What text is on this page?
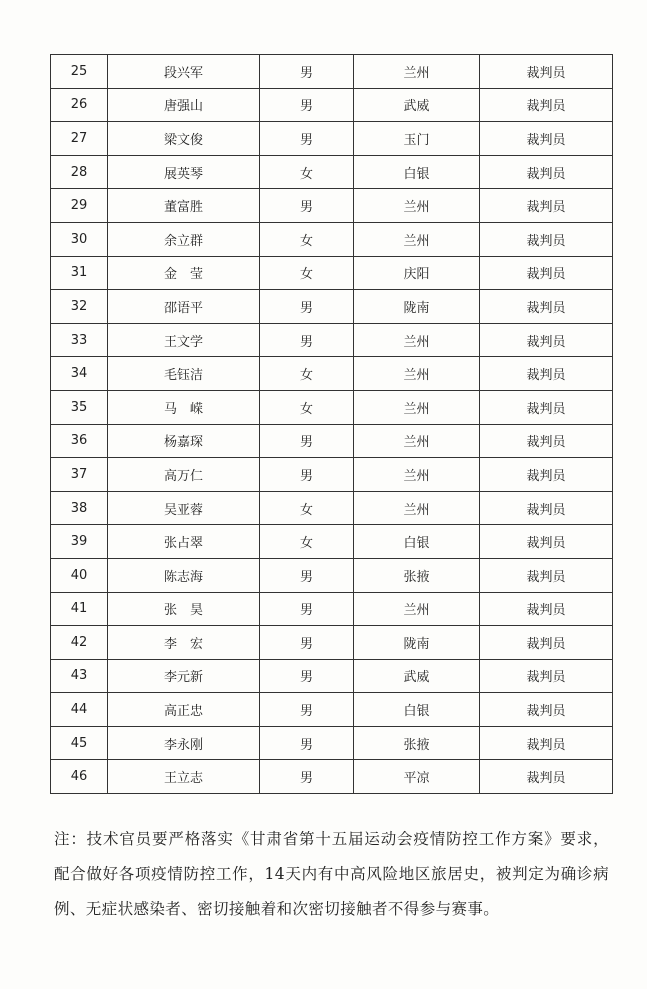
25	段兴军	男	兰州	裁判员
26	唐强山	男	武威	裁判员
27	梁文俊	男	玉门	裁判员
28	展英琴	女	白银	裁判员
29	董富胜	男	兰州	裁判员
30	余立群	女	兰州	裁判员
31	金　莹	女	庆阳	裁判员
32	邵语平	男	陇南	裁判员
33	王文学	男	兰州	裁判员
34	毛钰洁	女	兰州	裁判员
35	马　嵘	女	兰州	裁判员
36	杨嘉琛	男	兰州	裁判员
37	高万仁	男	兰州	裁判员
38	吴亚蓉	女	兰州	裁判员
39	张占翠	女	白银	裁判员
40	陈志海	男	张掖	裁判员
41	张　昊	男	兰州	裁判员
42	李　宏	男	陇南	裁判员
43	李元新	男	武威	裁判员
44	高正忠	男	白银	裁判员
45	李永刚	男	张掖	裁判员
46	王立志	男	平凉	裁判员

注：技术官员要严格落实《甘肃省第十五届运动会疫情防控工作方案》要求，配合做好各项疫情防控工作，14天内有中高风险地区旅居史，被判定为确诊病例、无症状感染者、密切接触着和次密切接触者不得参与赛事。
